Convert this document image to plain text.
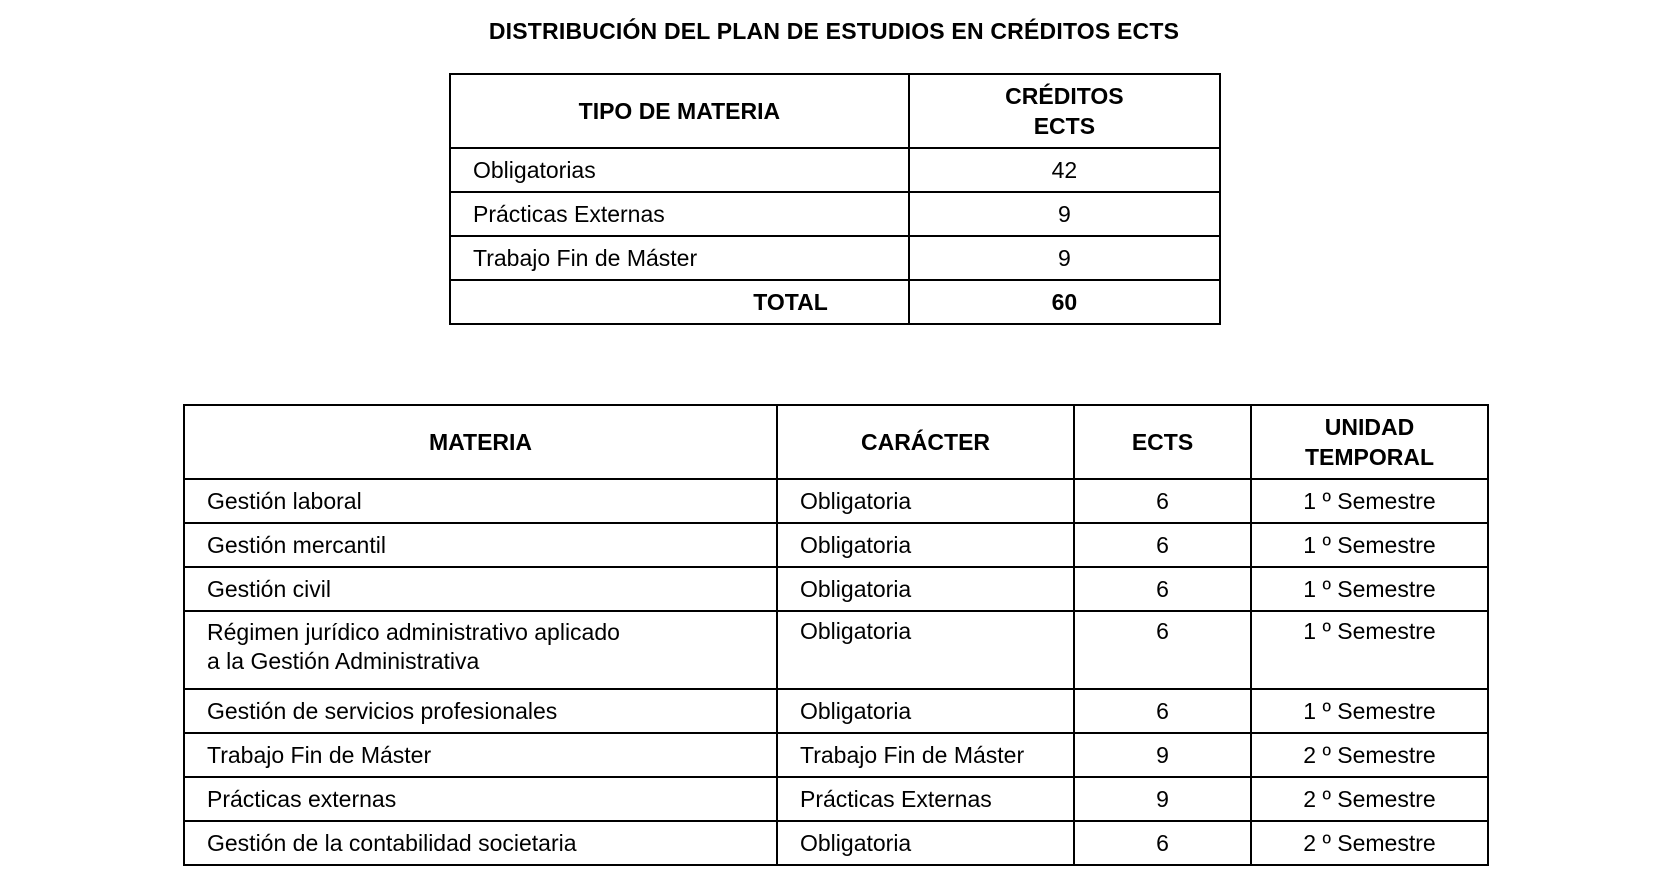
DISTRIBUCIÓN DEL PLAN DE ESTUDIOS EN CRÉDITOS ECTS
TIPO DE MATERIA	CRÉDITOS
ECTS
Obligatorias	42
Prácticas Externas	9
Trabajo Fin de Máster	9
TOTAL	60
MATERIA	CARÁCTER	ECTS	UNIDAD
TEMPORAL
Gestión laboral	Obligatoria	6	1 º Semestre
Gestión mercantil	Obligatoria	6	1 º Semestre
Gestión civil	Obligatoria	6	1 º Semestre
Régimen jurídico administrativo aplicado
a la Gestión Administrativa	Obligatoria	6	1 º Semestre
Gestión de servicios profesionales	Obligatoria	6	1 º Semestre
Trabajo Fin de Máster	Trabajo Fin de Máster	9	2 º Semestre
Prácticas externas	Prácticas Externas	9	2 º Semestre
Gestión de la contabilidad societaria	Obligatoria	6	2 º Semestre
